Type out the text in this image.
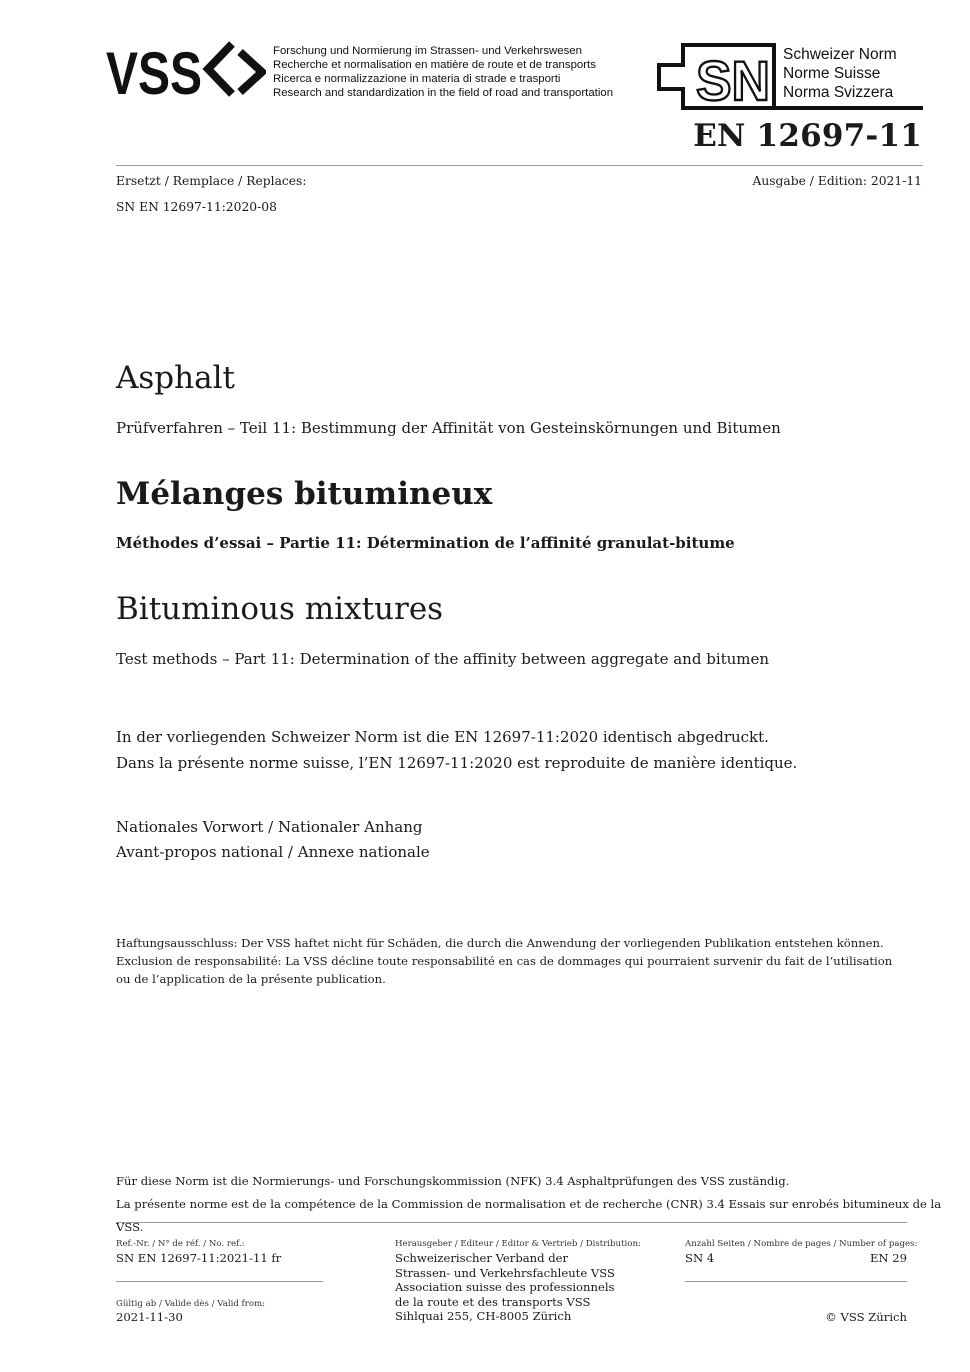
VSS	Forschung und Normierung im Strassen- und Verkehrswesen
Recherche et normalisation en matière de route et de transports
Ricerca e normalizzazione in materia di strade e trasporti
Research and standardization in the field of road and transportation SN Schweizer Norm
Norme Suisse
Norma Svizzera
EN 12697-11
Ersetzt / Remplace / Replaces:
SN EN 12697-11:2020-08
Ausgabe / Edition: 2021-11
Asphalt
Prüfverfahren – Teil 11: Bestimmung der Affinität von Gesteinskörnungen und Bitumen
Mélanges bitumineux
Méthodes d’essai – Partie 11: Détermination de l’affinité granulat-bitume
Bituminous mixtures
Test methods – Part 11: Determination of the affinity between aggregate and bitumen
In der vorliegenden Schweizer Norm ist die EN 12697-11:2020 identisch abgedruckt.
Dans la présente norme suisse, l’EN 12697-11:2020 est reproduite de manière identique.
Nationales Vorwort / Nationaler Anhang
Avant-propos national / Annexe nationale
Haftungsausschluss: Der VSS haftet nicht für Schäden, die durch die Anwendung der vorliegenden Publikation entstehen können.
Exclusion de responsabilité: La VSS décline toute responsabilité en cas de dommages qui pourraient survenir du fait de l’utilisation
ou de l’application de la présente publication.
Für diese Norm ist die Normierungs- und Forschungskommission (NFK) 3.4 Asphaltprüfungen des VSS zuständig.
La présente norme est de la compétence de la Commission de normalisation et de recherche (CNR) 3.4 Essais sur enrobés bitumineux de la VSS.
Ref.-Nr. / N° de réf. / No. ref.:
SN EN 12697-11:2021-11 fr
Gültig ab / Valide dès / Valid from:
2021-11-30
Herausgeber / Editeur / Editor & Vertrieb / Distribution:
Schweizerischer Verband der
Strassen- und Verkehrsfachleute VSS
Association suisse des professionnels
de la route et des transports VSS
Sihlquai 255, CH-8005 Zürich
Anzahl Seiten / Nombre de pages / Number of pages:
SN 4	EN 29
© VSS Zürich
